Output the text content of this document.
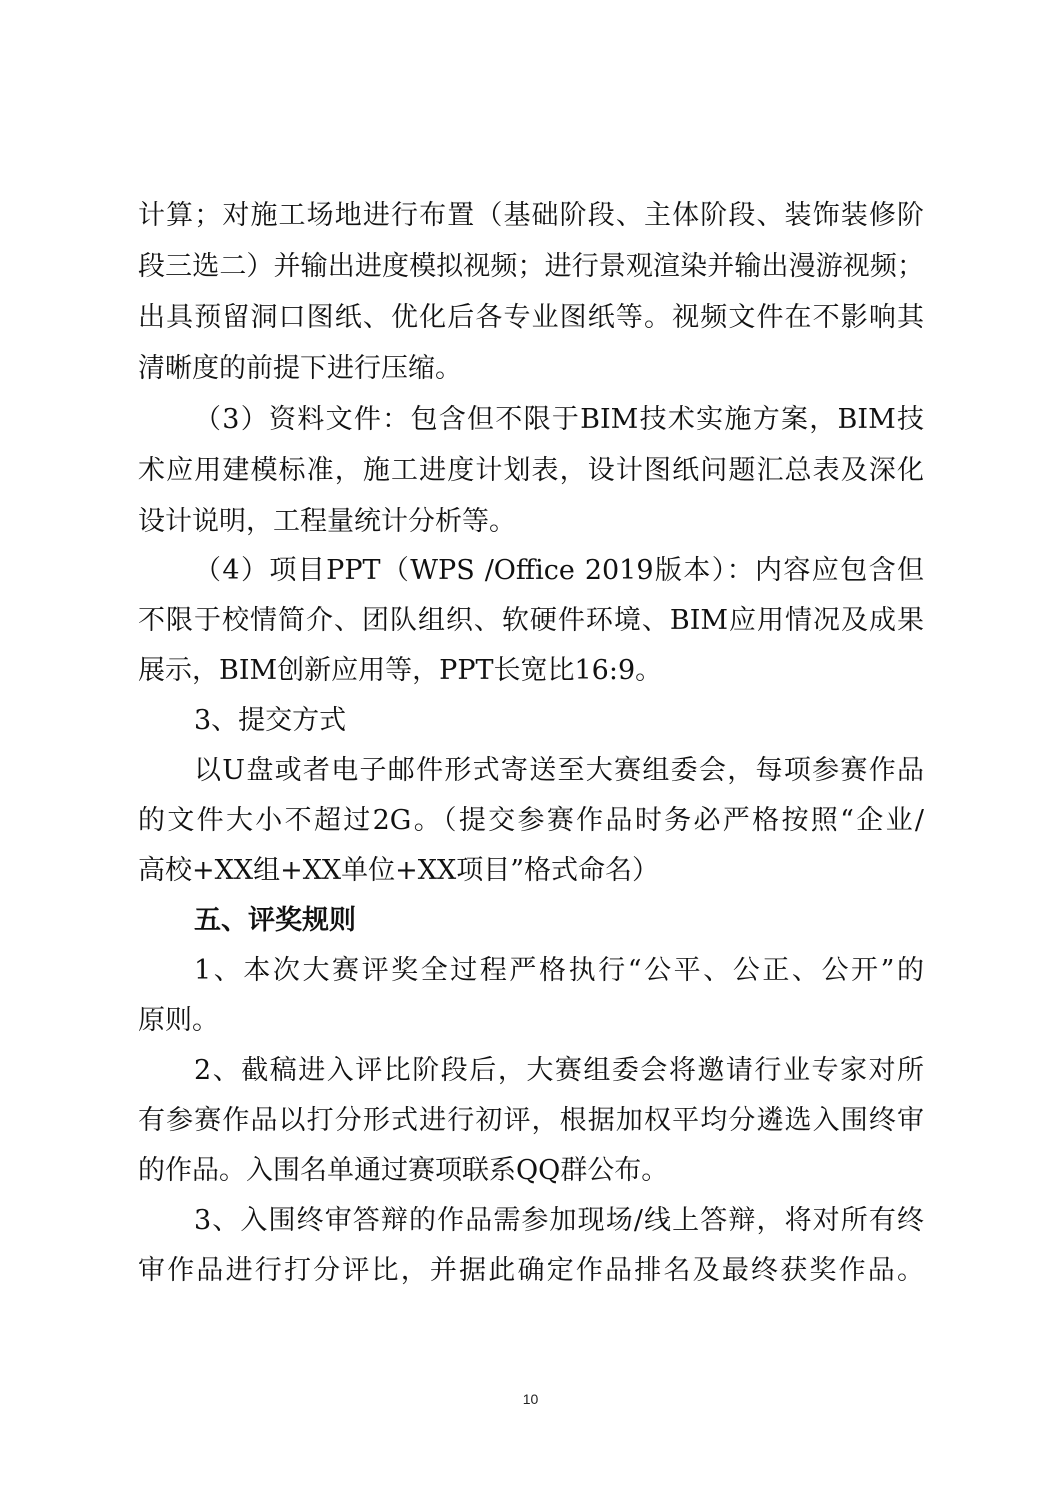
计算；对施工场地进行布置（基础阶段、主体阶段、装饰装修阶
段三选二）并输出进度模拟视频；进行景观渲染并输出漫游视频；
出具预留洞口图纸、优化后各专业图纸等。视频文件在不影响其
清晰度的前提下进行压缩。
（3）资料文件：包含但不限于BIM技术实施方案，BIM技
术应用建模标准，施工进度计划表，设计图纸问题汇总表及深化
设计说明，工程量统计分析等。
（4）项目PPT（WPS /Office 2019版本）：内容应包含但
不限于校情简介、团队组织、软硬件环境、BIM应用情况及成果
展示，BIM创新应用等，PPT长宽比16:9。
3、提交方式
以U盘或者电子邮件形式寄送至大赛组委会，每项参赛作品
的文件大小不超过2G。（提交参赛作品时务必严格按照“企业/
高校+XX组+XX单位+XX项目”格式命名）
五、评奖规则
1、本次大赛评奖全过程严格执行“公平、公正、公开”的
原则。
2、截稿进入评比阶段后，大赛组委会将邀请行业专家对所
有参赛作品以打分形式进行初评，根据加权平均分遴选入围终审
的作品。入围名单通过赛项联系QQ群公布。
3、入围终审答辩的作品需参加现场/线上答辩，将对所有终
审作品进行打分评比，并据此确定作品排名及最终获奖作品。
10
